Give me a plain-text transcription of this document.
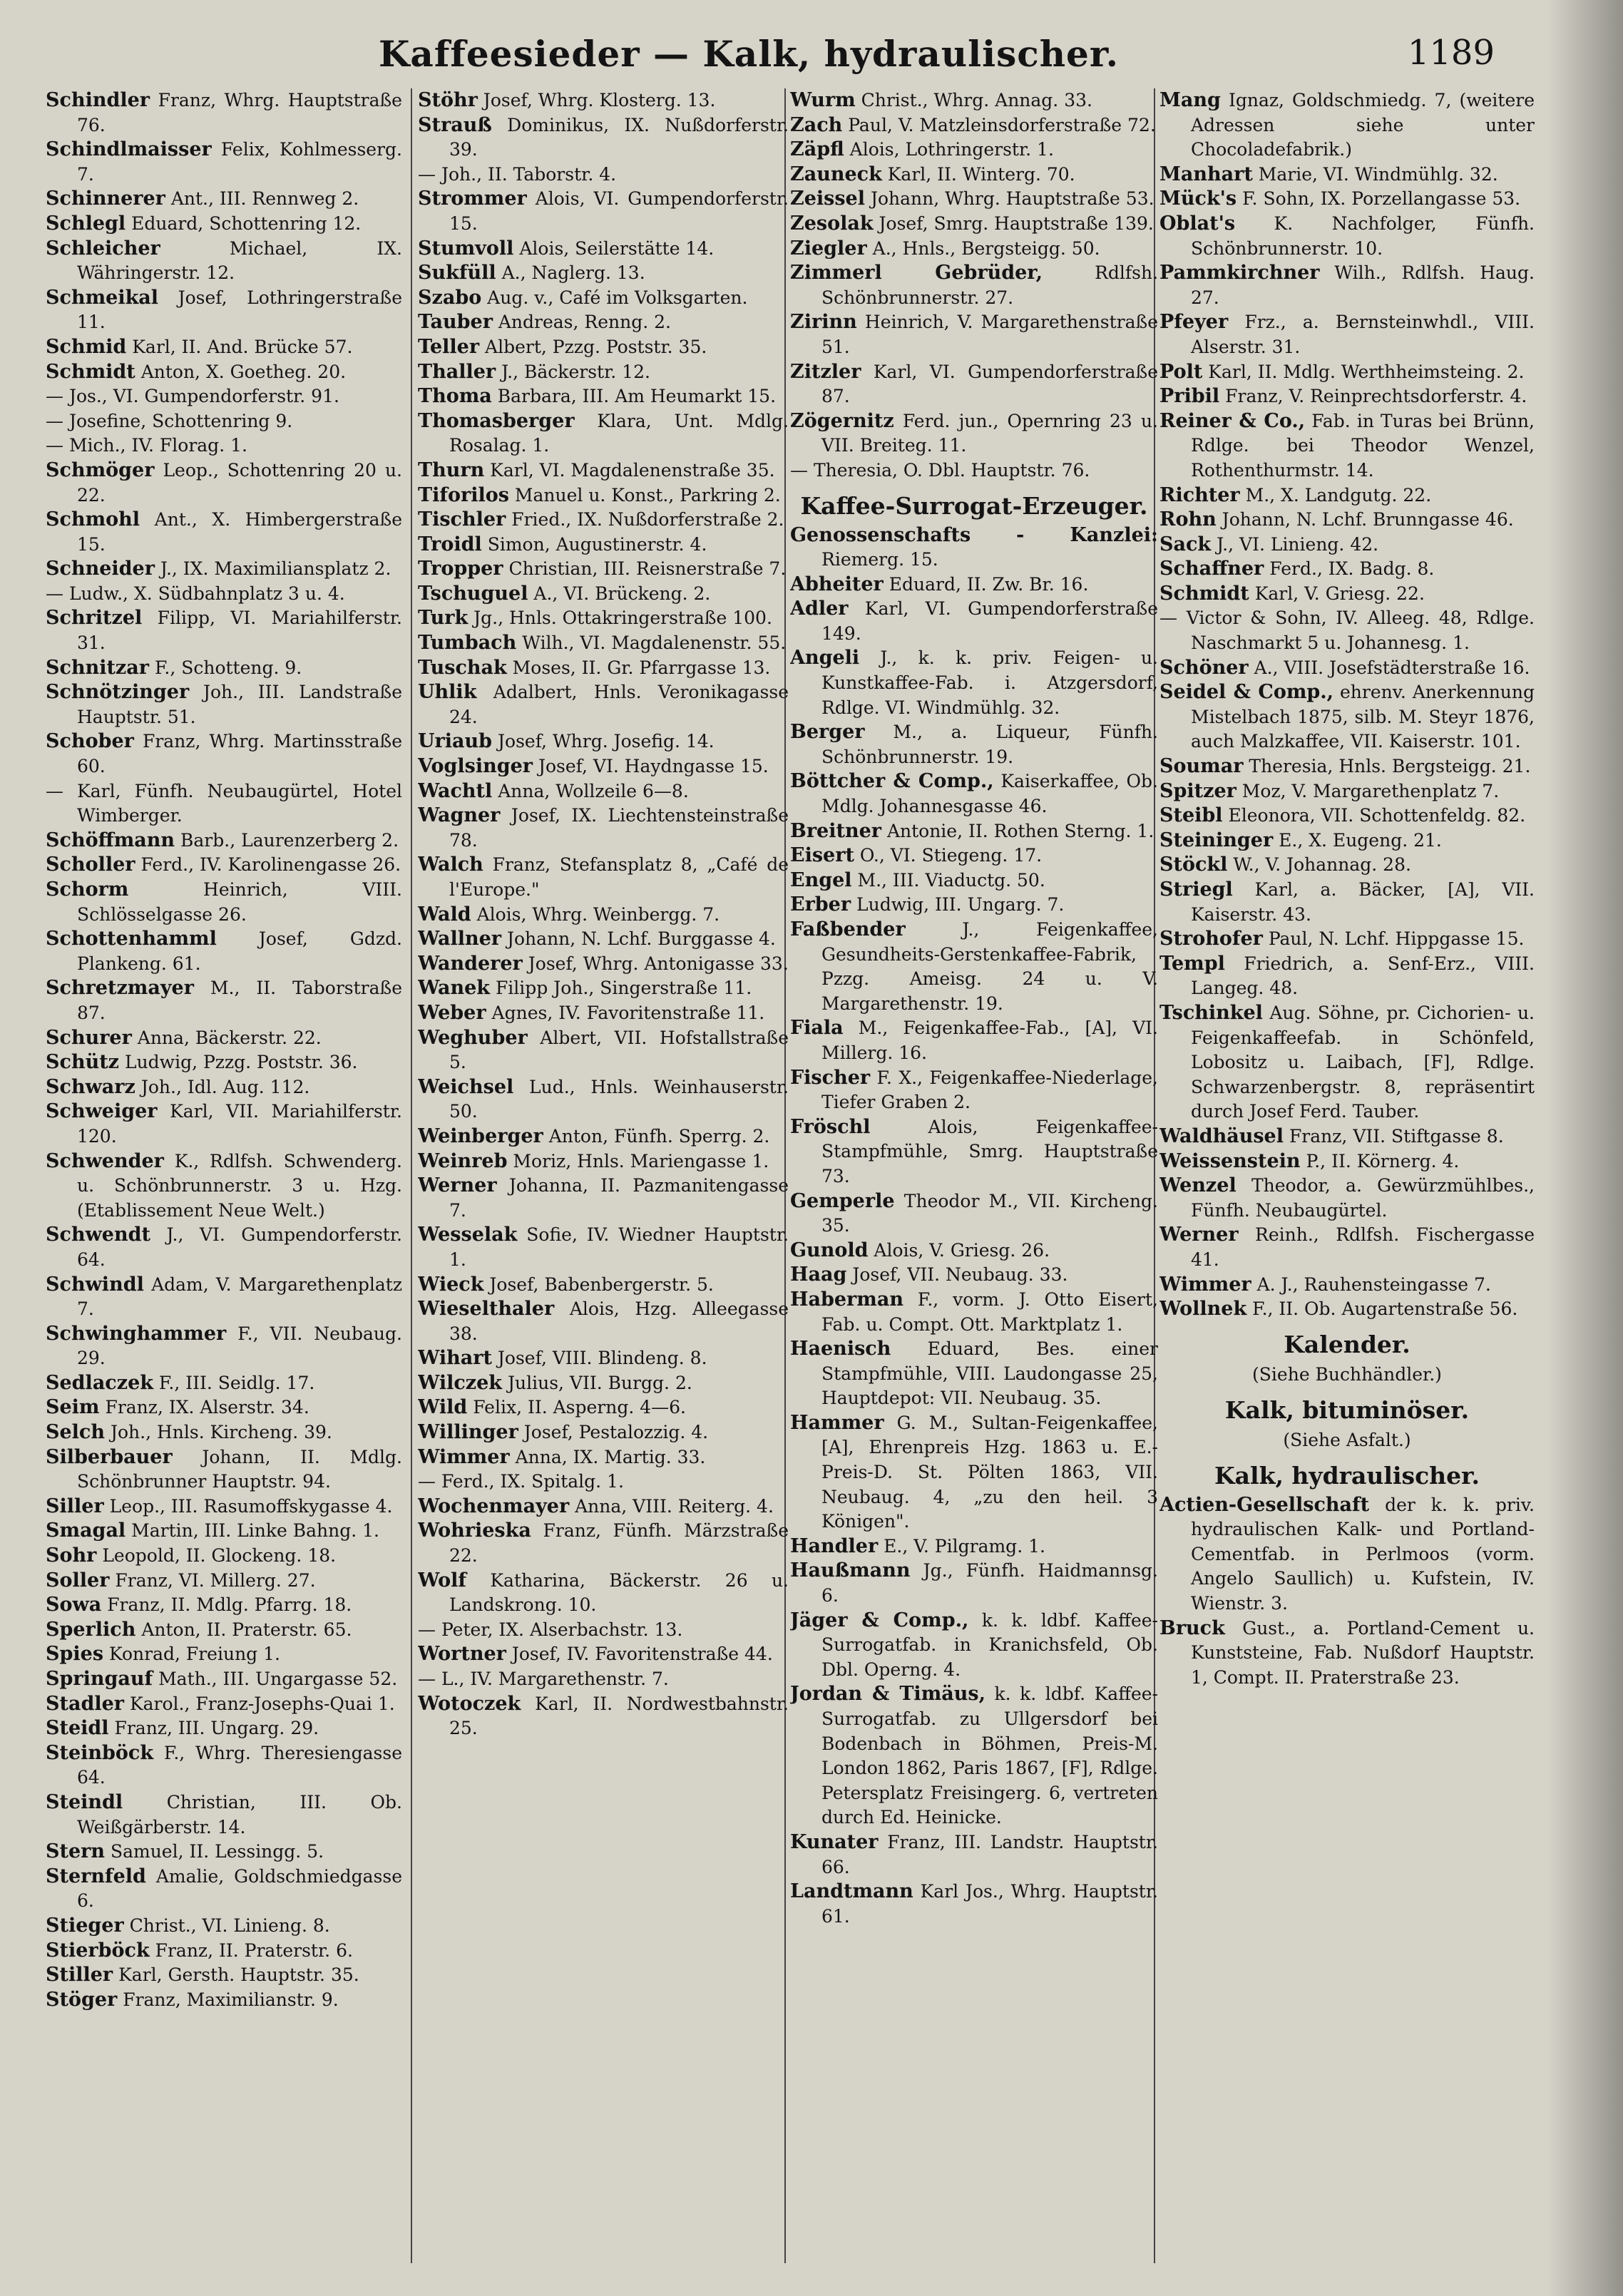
Kaffeesieder — Kalk, hydraulischer.	1189
Schindler Franz, Whrg. Hauptstraße 76.
Schindlmaisser Felix, Kohlmesserg. 7.
Schinnerer Ant., III. Rennweg 2.
Schlegl Eduard, Schottenring 12.
Schleicher	Michael, IX. Währingerstr. 12.
Schmeikal Josef, Lothringerstraße 11.
Schmid Karl, II. And. Brücke 57.
Schmidt Anton, X. Goetheg. 20.
— Jos., VI. Gumpendorferstr. 91.
— Josefine, Schottenring 9.
— Mich., IV. Florag. 1.
Schmöger Leop., Schottenring 20 u. 22.
Schmohl Ant., X. Himbergerstraße 15.
Schneider J., IX. Maximiliansplatz 2.
— Ludw., X. Südbahnplatz 3 u. 4.
Schritzel Filipp, VI. Mariahilferstr. 31.
Schnitzar F., Schotteng. 9.
Schnötzinger Joh., III. Landstraße Hauptstr. 51.
Schober Franz, Whrg. Martinsstraße 60.
— Karl, Fünfh. Neubaugürtel, Hotel Wimberger.
Schöffmann Barb., Laurenzerberg 2.
Scholler Ferd., IV. Karolinengasse 26.
Schorm	Heinrich, VIII. Schlösselgasse 26.
Schottenhamml Josef, Gdzd. Plankeng. 61.
Schretzmayer M., II. Taborstraße 87.
Schurer Anna, Bäckerstr. 22.
Schütz Ludwig, Pzzg. Poststr. 36.
Schwarz Joh., Idl. Aug. 112.
Schweiger Karl, VII. Mariahilferstr. 120.
Schwender K., Rdlfsh. Schwenderg. u. Schönbrunnerstr. 3 u. Hzg. (Etablissement Neue Welt.)
Schwendt J., VI. Gumpendorferstr. 64.
Schwindl Adam, V. Margarethenplatz 7.
Schwinghammer F., VII. Neubaug. 29.
Sedlaczek F., III. Seidlg. 17.
Seim Franz, IX. Alserstr. 34.
Selch Joh., Hnls. Kircheng. 39.
Silberbauer Johann, II. Mdlg. Schönbrunner Hauptstr. 94.
Siller Leop., III. Rasumoffskygasse 4.
Smagal Martin, III. Linke Bahng. 1.
Sohr Leopold, II. Glockeng. 18.
Soller Franz, VI. Millerg. 27.
Sowa Franz, II. Mdlg. Pfarrg. 18.
Sperlich Anton, II. Praterstr. 65.
Spies Konrad, Freiung 1.
Springauf Math., III. Ungargasse 52.
Stadler Karol., Franz-Josephs-Quai 1.
Steidl Franz, III. Ungarg. 29.
Steinböck F., Whrg. Theresiengasse 64.
Steindl Christian, III. Ob. Weißgärberstr. 14.
Stern Samuel, II. Lessingg. 5.
Sternfeld Amalie, Goldschmiedgasse 6.
Stieger Christ., VI. Linieng. 8.
Stierböck Franz, II. Praterstr. 6.
Stiller Karl, Gersth. Hauptstr. 35.
Stöger Franz, Maximilianstr. 9.
Stöhr Josef, Whrg. Klosterg. 13.
Strauß Dominikus, IX. Nußdorferstr. 39.
— Joh., II. Taborstr. 4.
Strommer Alois, VI. Gumpendorferstr. 15.
Stumvoll Alois, Seilerstätte 14.
Sukfüll A., Naglerg. 13.
Szabo Aug. v., Café im Volksgarten.
Tauber Andreas, Renng. 2.
Teller Albert, Pzzg. Poststr. 35.
Thaller J., Bäckerstr. 12.
Thoma Barbara, III. Am Heumarkt 15.
Thomasberger Klara, Unt. Mdlg. Rosalag. 1.
Thurn Karl, VI. Magdalenenstraße 35.
Tiforilos Manuel u. Konst., Parkring 2.
Tischler Fried., IX. Nußdorferstraße 2.
Troidl Simon, Augustinerstr. 4.
Tropper Christian, III. Reisnerstraße 7.
Tschuguel A., VI. Brückeng. 2.
Turk Jg., Hnls. Ottakringerstraße 100.
Tumbach Wilh., VI. Magdalenenstr. 55.
Tuschak Moses, II. Gr. Pfarrgasse 13.
Uhlik Adalbert, Hnls. Veronikagasse 24.
Uriaub Josef, Whrg. Josefig. 14.
Voglsinger Josef, VI. Haydngasse 15.
Wachtl Anna, Wollzeile 6—8.
Wagner Josef, IX. Liechtensteinstraße 78.
Walch Franz, Stefansplatz 8, „Café de l'Europe."
Wald Alois, Whrg. Weinbergg. 7.
Wallner Johann, N. Lchf. Burggasse 4.
Wanderer Josef, Whrg. Antonigasse 33.
Wanek Filipp Joh., Singerstraße 11.
Weber Agnes, IV. Favoritenstraße 11.
Weghuber Albert, VII. Hofstallstraße 5.
Weichsel Lud., Hnls. Weinhauserstr. 50.
Weinberger Anton, Fünfh. Sperrg. 2.
Weinreb Moriz, Hnls. Mariengasse 1.
Werner Johanna, II. Pazmanitengasse 7.
Wesselak Sofie, IV. Wiedner Hauptstr. 1.
Wieck Josef, Babenbergerstr. 5.
Wieselthaler Alois, Hzg. Alleegasse 38.
Wihart Josef, VIII. Blindeng. 8.
Wilczek Julius, VII. Burgg. 2.
Wild Felix, II. Asperng. 4—6.
Willinger Josef, Pestalozzig. 4.
Wimmer Anna, IX. Martig. 33.
— Ferd., IX. Spitalg. 1.
Wochenmayer Anna, VIII. Reiterg. 4.
Wohrieska Franz, Fünfh. Märzstraße 22.
Wolf Katharina, Bäckerstr. 26 u. Landskrong. 10.
— Peter, IX. Alserbachstr. 13.
Wortner Josef, IV. Favoritenstraße 44.
— L., IV. Margarethenstr. 7.
Wotoczek Karl, II. Nordwestbahnstr. 25.
Wurm Christ., Whrg. Annag. 33.
Zach Paul, V. Matzleinsdorferstraße 72.
Zäpfl Alois, Lothringerstr. 1.
Zauneck Karl, II. Winterg. 70.
Zeissel Johann, Whrg. Hauptstraße 53.
Zesolak Josef, Smrg. Hauptstraße 139.
Ziegler A., Hnls., Bergsteigg. 50.
Zimmerl Gebrüder,	Rdlfsh. Schönbrunnerstr. 27.
Zirinn Heinrich, V. Margarethenstraße 51.
Zitzler Karl, VI. Gumpendorferstraße 87.
Zögernitz Ferd. jun., Opernring 23 u. VII. Breiteg. 11.
— Theresia, O. Dbl. Hauptstr. 76.
Kaffee-Surrogat-Erzeuger.
Genossenschafts - Kanzlei: Riemerg. 15.
Abheiter Eduard, II. Zw. Br. 16.
Adler Karl, VI. Gumpendorferstraße 149.
Angeli J., k. k. priv. Feigen- u. Kunstkaffee-Fab. i. Atzgersdorf, Rdlge. VI. Windmühlg. 32.
Berger M., a. Liqueur, Fünfh. Schönbrunnerstr. 19.
Böttcher & Comp., Kaiserkaffee, Ob. Mdlg. Johannesgasse 46.
Breitner Antonie, II. Rothen Sterng. 1.
Eisert O., VI. Stiegeng. 17.
Engel M., III. Viaductg. 50.
Erber Ludwig, III. Ungarg. 7.
Faßbender	J., Feigenkaffee, Gesundheits-Gerstenkaffee-Fabrik, Pzzg. Ameisg. 24 u. V. Margarethenstr. 19.
Fiala M., Feigenkaffee-Fab., [A], VI. Millerg. 16.
Fischer F. X., Feigenkaffee-Niederlage, Tiefer Graben 2.
Fröschl	Alois, Feigenkaffee-Stampfmühle, Smrg. Hauptstraße 73.
Gemperle Theodor M., VII. Kircheng. 35.
Gunold Alois, V. Griesg. 26.
Haag Josef, VII. Neubaug. 33.
Haberman F., vorm. J. Otto Eisert, Fab. u. Compt. Ott. Marktplatz 1.
Haenisch Eduard, Bes. einer Stampfmühle, VIII. Laudongasse 25, Hauptdepot: VII. Neubaug. 35.
Hammer G. M., Sultan-Feigenkaffee, [A], Ehrenpreis Hzg. 1863 u. E.-Preis-D. St. Pölten 1863, VII. Neubaug. 4, „zu den heil. 3 Königen".
Handler E., V. Pilgramg. 1.
Haußmann Jg., Fünfh. Haidmannsg. 6.
Jäger & Comp., k. k. ldbf. Kaffee-Surrogatfab. in Kranichsfeld, Ob. Dbl. Operng. 4.
Jordan & Timäus, k. k. ldbf. Kaffee-Surrogatfab. zu Ullgersdorf bei Bodenbach in Böhmen, Preis-M. London 1862, Paris 1867, [F], Rdlge. Petersplatz Freisingerg. 6, vertreten durch Ed. Heinicke.
Kunater Franz, III. Landstr. Hauptstr. 66.
Landtmann Karl Jos., Whrg. Hauptstr. 61.
Mang Ignaz, Goldschmiedg. 7, (weitere Adressen siehe unter Chocoladefabrik.)
Manhart Marie, VI. Windmühlg. 32.
Mück's F. Sohn, IX. Porzellangasse 53.
Oblat's K. Nachfolger, Fünfh. Schönbrunnerstr. 10.
Pammkirchner Wilh., Rdlfsh. Haug. 27.
Pfeyer Frz., a. Bernsteinwhdl., VIII. Alserstr. 31.
Polt Karl, II. Mdlg. Werthheimsteing. 2.
Pribil Franz, V. Reinprechtsdorferstr. 4.
Reiner & Co., Fab. in Turas bei Brünn, Rdlge. bei Theodor Wenzel, Rothenthurmstr. 14.
Richter M., X. Landgutg. 22.
Rohn Johann, N. Lchf. Brunngasse 46.
Sack J., VI. Linieng. 42.
Schaffner Ferd., IX. Badg. 8.
Schmidt Karl, V. Griesg. 22.
— Victor & Sohn, IV. Alleeg. 48, Rdlge. Naschmarkt 5 u. Johannesg. 1.
Schöner A., VIII. Josefstädterstraße 16.
Seidel & Comp., ehrenv. Anerkennung Mistelbach 1875, silb. M. Steyr 1876, auch Malzkaffee, VII. Kaiserstr. 101.
Soumar Theresia, Hnls. Bergsteigg. 21.
Spitzer Moz, V. Margarethenplatz 7.
Steibl Eleonora, VII. Schottenfeldg. 82.
Steininger E., X. Eugeng. 21.
Stöckl W., V. Johannag. 28.
Striegl Karl, a. Bäcker, [A], VII. Kaiserstr. 43.
Strohofer Paul, N. Lchf. Hippgasse 15.
Templ Friedrich, a. Senf-Erz., VIII. Langeg. 48.
Tschinkel Aug. Söhne, pr. Cichorien- u. Feigenkaffeefab. in Schönfeld, Lobositz u. Laibach, [F], Rdlge. Schwarzenbergstr. 8, repräsentirt durch Josef Ferd. Tauber.
Waldhäusel Franz, VII. Stiftgasse 8.
Weissenstein P., II. Körnerg. 4.
Wenzel Theodor, a. Gewürzmühlbes., Fünfh. Neubaugürtel.
Werner Reinh., Rdlfsh. Fischergasse 41.
Wimmer A. J., Rauhensteingasse 7.
Wollnek F., II. Ob. Augartenstraße 56.
Kalender.
(Siehe Buchhändler.)
Kalk, bituminöser.
(Siehe Asfalt.)
Kalk, hydraulischer.
Actien-Gesellschaft der k. k. priv. hydraulischen Kalk- und Portland-Cementfab. in Perlmoos (vorm. Angelo Saullich) u. Kufstein, IV. Wienstr. 3.
Bruck Gust., a. Portland-Cement u. Kunststeine, Fab. Nußdorf Hauptstr. 1, Compt. II. Praterstraße 23.
